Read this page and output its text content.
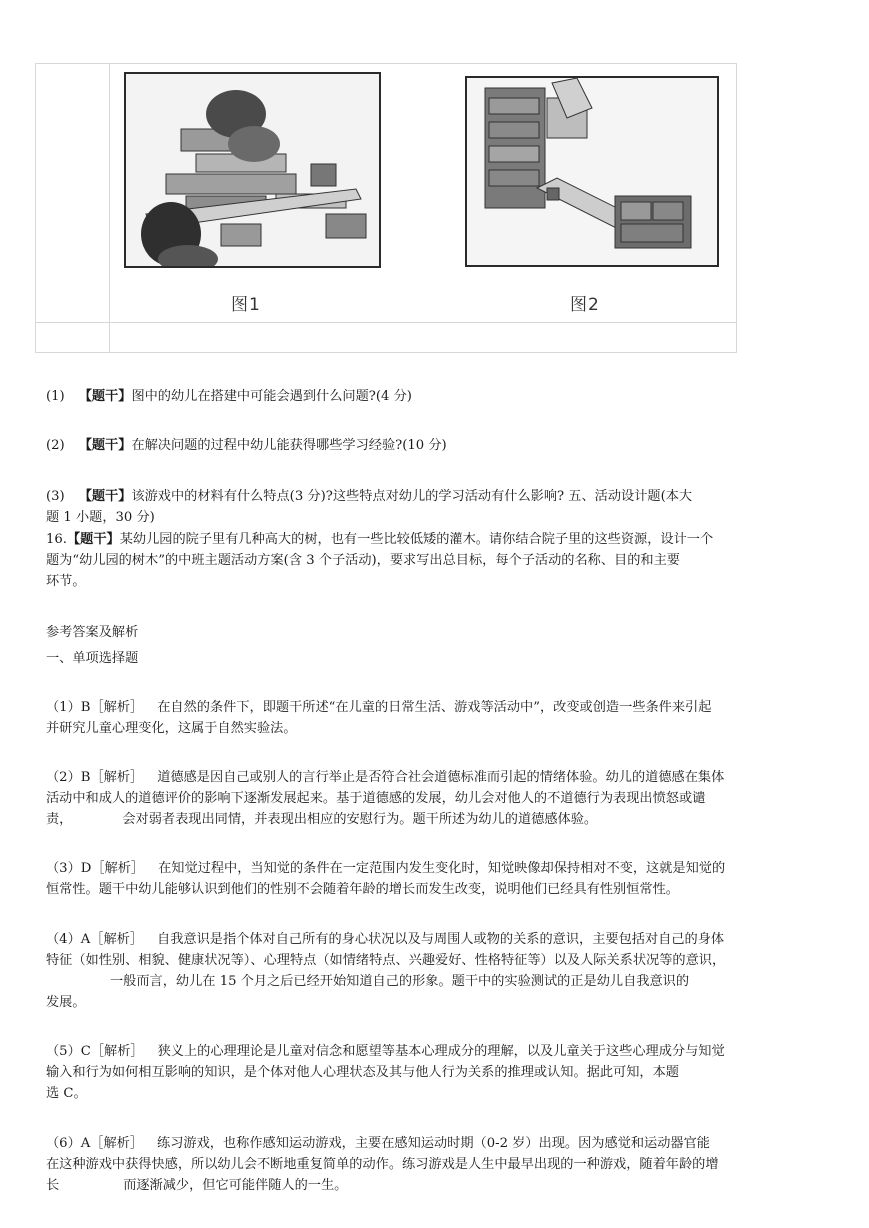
图1	图2
(1) 【题干】图中的幼儿在搭建中可能会遇到什么问题?(4 分)
(2) 【题干】在解决问题的过程中幼儿能获得哪些学习经验?(10 分)
(3) 【题干】该游戏中的材料有什么特点(3 分)?这些特点对幼儿的学习活动有什么影响? 五、活动设计题(本大
题 1 小题，30 分)
16.【题干】某幼儿园的院子里有几种高大的树，也有一些比较低矮的灌木。请你结合院子里的这些资源，设计一个
题为“幼儿园的树木”的中班主题活动方案(含 3 个子活动)，要求写出总目标，每个子活动的名称、目的和主要
环节。
参考答案及解析
一、单项选择题
（1）B［解析］ 在自然的条件下，即题干所述“在儿童的日常生活、游戏等活动中”，改变或创造一些条件来引起
并研究儿童心理变化，这属于自然实验法。
（2）B［解析］ 道德感是因自己或别人的言行举止是否符合社会道德标准而引起的情绪体验。幼儿的道德感在集体
活动中和成人的道德评价的影响下逐渐发展起来。基于道德感的发展，幼儿会对他人的不道德行为表现出愤怒或谴
责，	会对弱者表现出同情，并表现出相应的安慰行为。题干所述为幼儿的道德感体验。
（3）D［解析］ 在知觉过程中，当知觉的条件在一定范围内发生变化时，知觉映像却保持相对不变，这就是知觉的
恒常性。题干中幼儿能够认识到他们的性别不会随着年龄的增长而发生改变，说明他们已经具有性别恒常性。
（4）A［解析］ 自我意识是指个体对自己所有的身心状况以及与周围人或物的关系的意识，主要包括对自己的身体
特征（如性别、相貌、健康状况等）、心理特点（如情绪特点、兴趣爱好、性格特征等）以及人际关系状况等的意识，
一般而言，幼儿在 15 个月之后已经开始知道自己的形象。题干中的实验测试的正是幼儿自我意识的
发展。
（5）C［解析］ 狭义上的心理理论是儿童对信念和愿望等基本心理成分的理解，以及儿童关于这些心理成分与知觉
输入和行为如何相互影响的知识，是个体对他人心理状态及其与他人行为关系的推理或认知。据此可知，本题
选 C。
（6）A［解析］ 练习游戏，也称作感知运动游戏，主要在感知运动时期（0-2 岁）出现。因为感觉和运动器官能
在这种游戏中获得快感，所以幼儿会不断地重复简单的动作。练习游戏是人生中最早出现的一种游戏，随着年龄的增
长	而逐渐减少，但它可能伴随人的一生。
